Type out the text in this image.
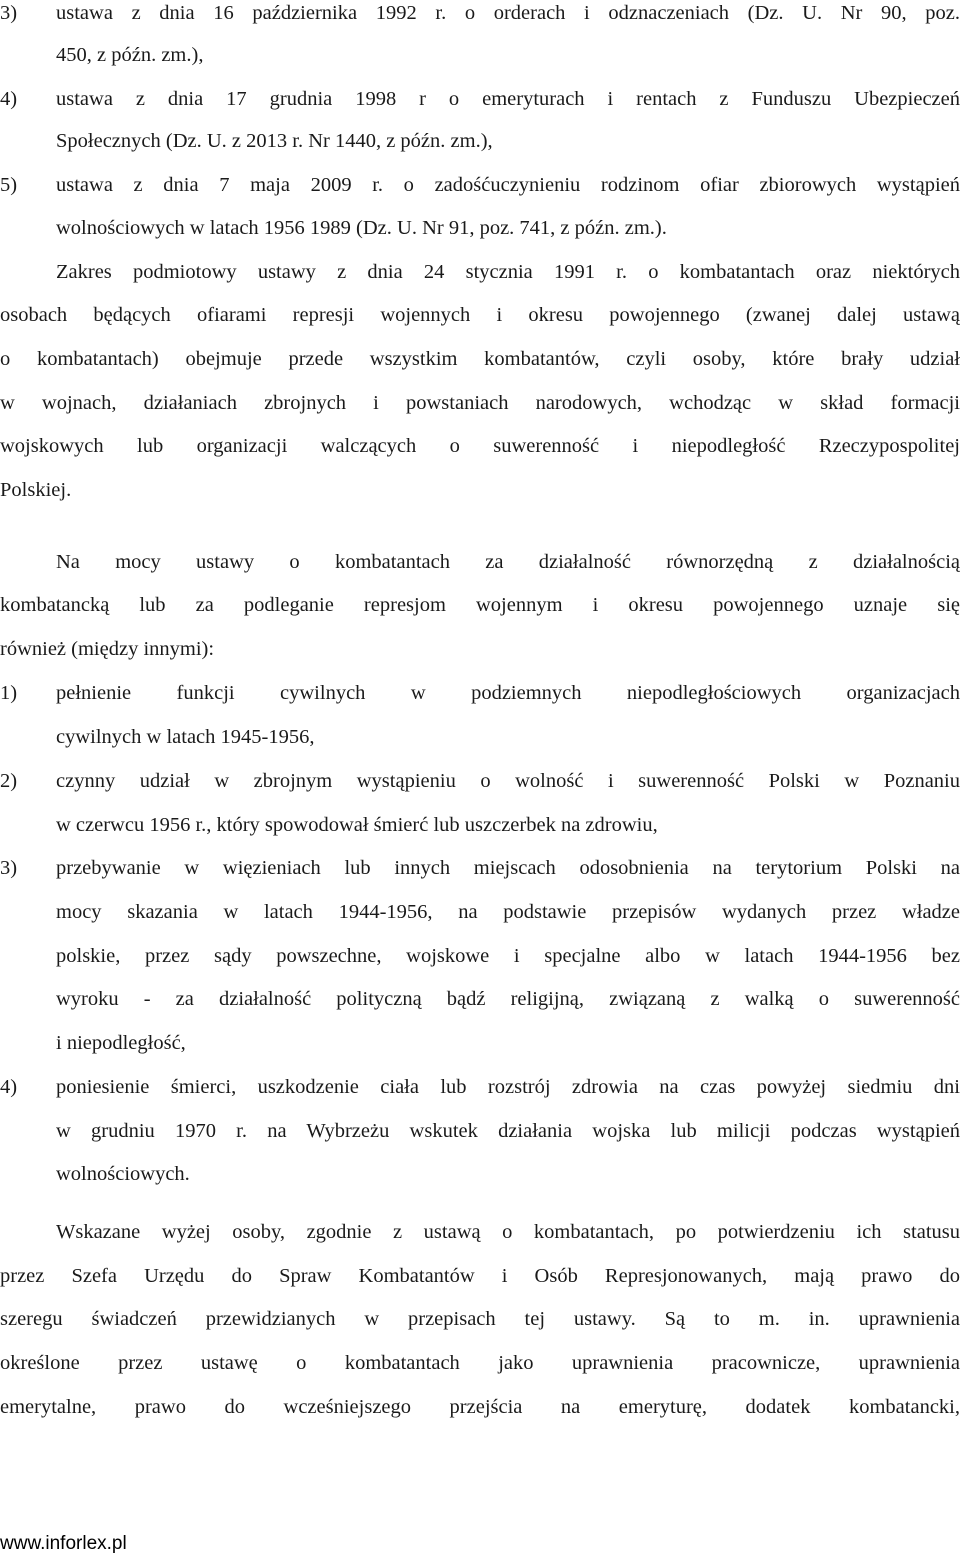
3) ustawa z dnia 16 października 1992 r. o orderach i odznaczeniach (Dz. U. Nr 90, poz.
450, z późn. zm.),
4) ustawa z dnia 17 grudnia 1998 r o emeryturach i rentach z Funduszu Ubezpieczeń
Społecznych (Dz. U. z 2013 r. Nr 1440, z późn. zm.),
5) ustawa z dnia 7 maja 2009 r. o zadośćuczynieniu rodzinom ofiar zbiorowych wystąpień
wolnościowych w latach 1956 1989 (Dz. U. Nr 91, poz. 741, z późn. zm.).
Zakres podmiotowy ustawy z dnia 24 stycznia 1991 r. o kombatantach oraz niektórych
osobach będących ofiarami represji wojennych i okresu powojennego (zwanej dalej ustawą
o kombatantach) obejmuje przede wszystkim kombatantów, czyli osoby, które brały udział
w wojnach, działaniach zbrojnych i powstaniach narodowych, wchodząc w skład formacji
wojskowych lub organizacji walczących o suwerenność i niepodległość Rzeczypospolitej
Polskiej.
Na mocy ustawy o kombatantach za działalność równorzędną z działalnością
kombatancką lub za podleganie represjom wojennym i okresu powojennego uznaje się
również (między innymi):
1) pełnienie funkcji cywilnych w podziemnych niepodległościowych organizacjach
cywilnych w latach 1945-1956,
2) czynny udział w zbrojnym wystąpieniu o wolność i suwerenność Polski w Poznaniu
w czerwcu 1956 r., który spowodował śmierć lub uszczerbek na zdrowiu,
3) przebywanie w więzieniach lub innych miejscach odosobnienia na terytorium Polski na
mocy skazania w latach 1944-1956, na podstawie przepisów wydanych przez władze
polskie, przez sądy powszechne, wojskowe i specjalne albo w latach 1944-1956 bez
wyroku - za działalność polityczną bądź religijną, związaną z walką o suwerenność
i niepodległość,
4) poniesienie śmierci, uszkodzenie ciała lub rozstrój zdrowia na czas powyżej siedmiu dni
w grudniu 1970 r. na Wybrzeżu wskutek działania wojska lub milicji podczas wystąpień
wolnościowych.
Wskazane wyżej osoby, zgodnie z ustawą o kombatantach, po potwierdzeniu ich statusu
przez Szefa Urzędu do Spraw Kombatantów i Osób Represjonowanych, mają prawo do
szeregu świadczeń przewidzianych w przepisach tej ustawy. Są to m. in. uprawnienia
określone przez ustawę o kombatantach jako uprawnienia pracownicze, uprawnienia
emerytalne, prawo do wcześniejszego przejścia na emeryturę, dodatek kombatancki,
www.inforlex.pl
